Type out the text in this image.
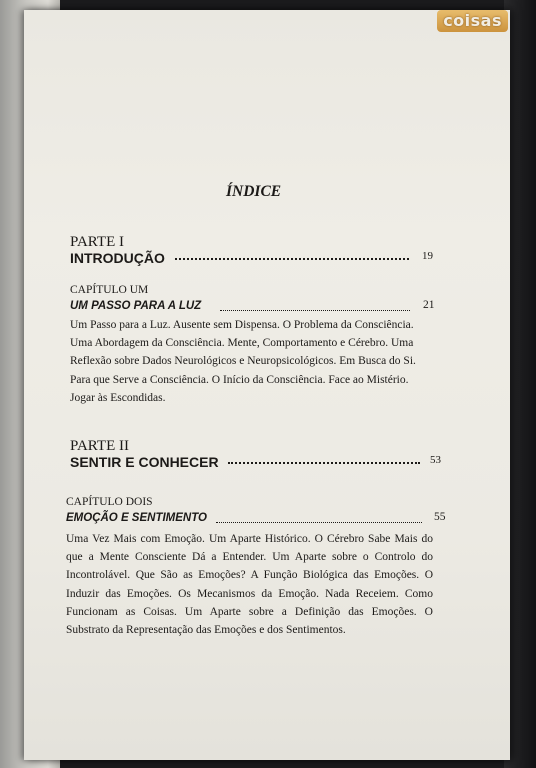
coisas
ÍNDICE
PARTE I
INTRODUÇÃO	19
CAPÍTULO UM
UM PASSO PARA A LUZ	21
Um Passo para a Luz. Ausente sem Dispensa. O Problema da Consciência.
Uma Abordagem da Consciência. Mente, Comportamento e Cérebro. Uma
Reflexão sobre Dados Neurológicos e Neuropsicológicos. Em Busca do Si.
Para que Serve a Consciência. O Início da Consciência. Face ao Mistério.
Jogar às Escondidas.
PARTE II
SENTIR E CONHECER	53
CAPÍTULO DOIS
EMOÇÃO E SENTIMENTO	55
Uma Vez Mais com Emoção. Um Aparte Histórico. O Cérebro Sabe Mais do
que a Mente Consciente Dá a Entender. Um Aparte sobre o Controlo do
Incontrolável. Que São as Emoções? A Função Biológica das Emoções. O
Induzir das Emoções. Os Mecanismos da Emoção. Nada Receiem. Como
Funcionam as Coisas. Um Aparte sobre a Definição das Emoções. O
Substrato da Representação das Emoções e dos Sentimentos.
